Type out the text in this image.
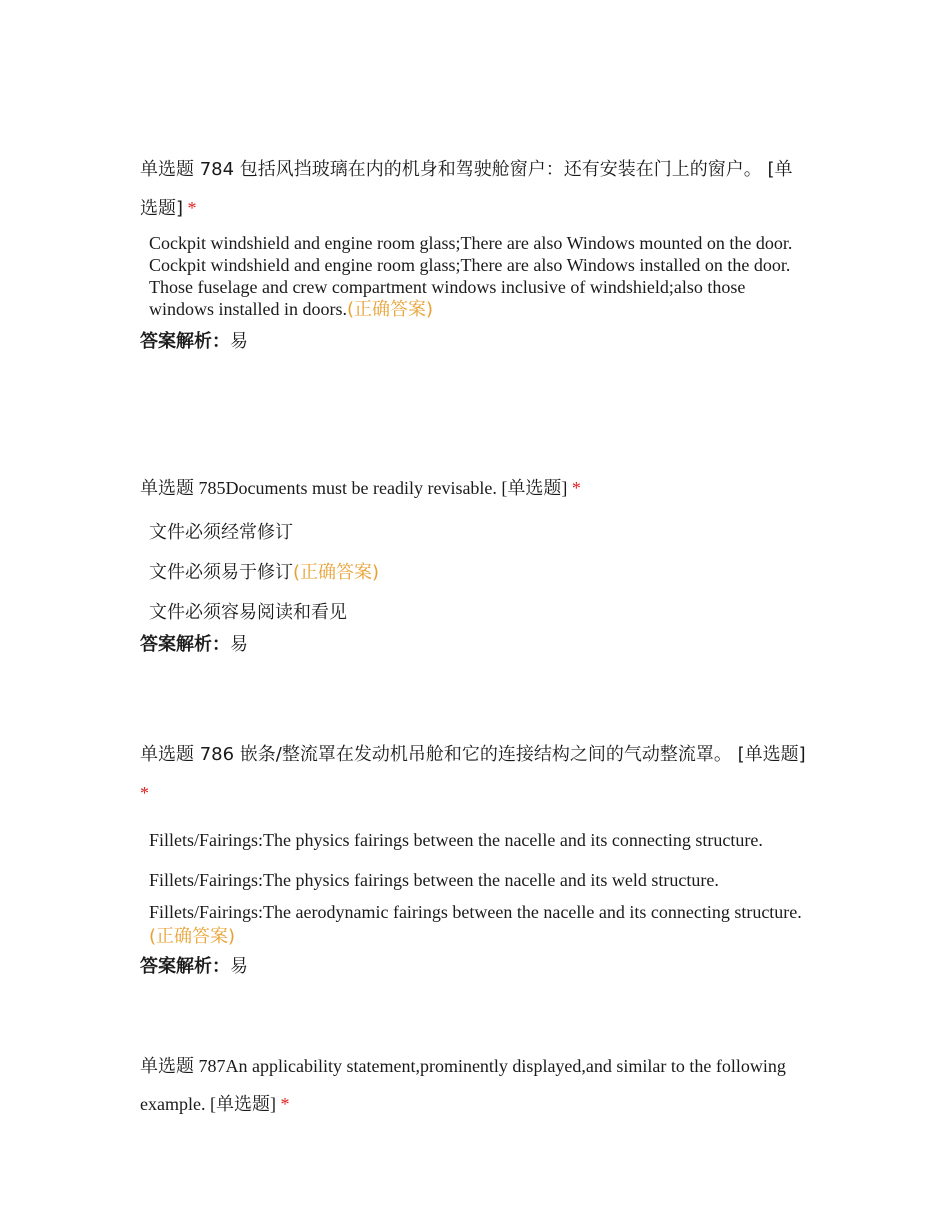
单选题 784 包括风挡玻璃在内的机身和驾驶舱窗户：还有安装在门上的窗户。 [单选题] *

Cockpit windshield and engine room glass;There are also Windows mounted on the door.

Cockpit windshield and engine room glass;There are also Windows installed on the door.

Those fuselage and crew compartment windows inclusive of windshield;also those windows installed in doors.(正确答案)

答案解析：易

单选题 785Documents must be readily revisable. [单选题] *

文件必须经常修订

文件必须易于修订(正确答案)

文件必须容易阅读和看见

答案解析：易

单选题 786 嵌条/整流罩在发动机吊舱和它的连接结构之间的气动整流罩。 [单选题] *

Fillets/Fairings:The physics fairings between the nacelle and its connecting structure.

Fillets/Fairings:The physics fairings between the nacelle and its weld structure.

Fillets/Fairings:The aerodynamic fairings between the nacelle and its connecting structure.(正确答案)

答案解析：易

单选题 787An applicability statement,prominently displayed,and similar to the following example. [单选题] *
